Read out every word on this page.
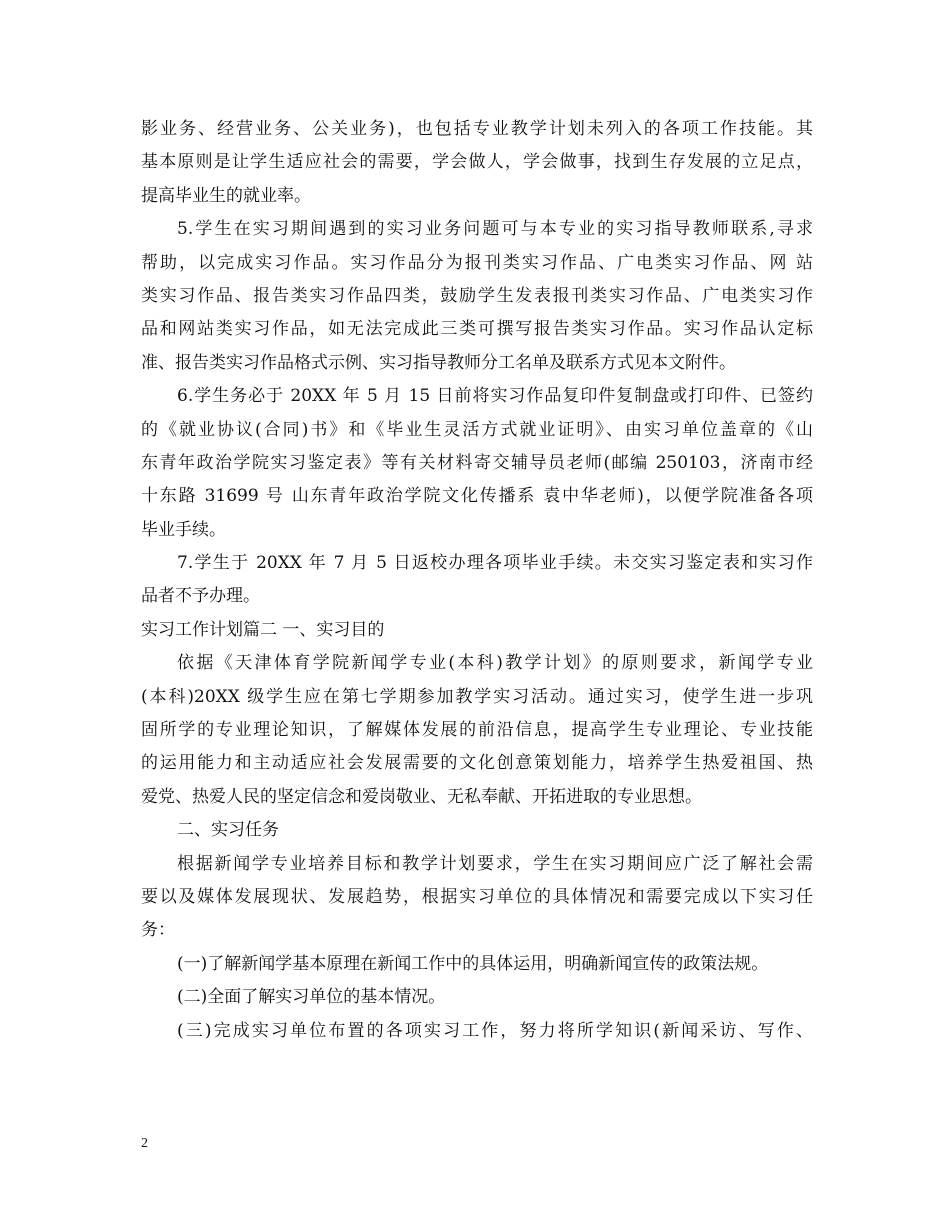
影业务、经营业务、公关业务)，也包括专业教学计划未列入的各项工作技能。其
基本原则是让学生适应社会的需要，学会做人，学会做事，找到生存发展的立足点，
提高毕业生的就业率。
5.学生在实习期间遇到的实习业务问题可与本专业的实习指导教师联系,寻求
帮助，以完成实习作品。实习作品分为报刊类实习作品、广电类实习作品、网 站
类实习作品、报告类实习作品四类，鼓励学生发表报刊类实习作品、广电类实习作
品和网站类实习作品，如无法完成此三类可撰写报告类实习作品。实习作品认定标
准、报告类实习作品格式示例、实习指导教师分工名单及联系方式见本文附件。
6.学生务必于 20XX 年 5 月 15 日前将实习作品复印件复制盘或打印件、已签约
的《就业协议(合同)书》和《毕业生灵活方式就业证明》、由实习单位盖章的《山
东青年政治学院实习鉴定表》等有关材料寄交辅导员老师(邮编 250103，济南市经
十东路 31699 号 山东青年政治学院文化传播系 袁中华老师)，以便学院准备各项
毕业手续。
7.学生于 20XX 年 7 月 5 日返校办理各项毕业手续。未交实习鉴定表和实习作
品者不予办理。
实习工作计划篇二 一、实习目的
依据《天津体育学院新闻学专业(本科)教学计划》的原则要求，新闻学专业
(本科)20XX 级学生应在第七学期参加教学实习活动。通过实习，使学生进一步巩
固所学的专业理论知识，了解媒体发展的前沿信息，提高学生专业理论、专业技能
的运用能力和主动适应社会发展需要的文化创意策划能力，培养学生热爱祖国、热
爱党、热爱人民的坚定信念和爱岗敬业、无私奉献、开拓进取的专业思想。
二、实习任务
根据新闻学专业培养目标和教学计划要求，学生在实习期间应广泛了解社会需
要以及媒体发展现状、发展趋势，根据实习单位的具体情况和需要完成以下实习任
务：
(一)了解新闻学基本原理在新闻工作中的具体运用，明确新闻宣传的政策法规。
(二)全面了解实习单位的基本情况。
(三)完成实习单位布置的各项实习工作，努力将所学知识(新闻采访、写作、
2
